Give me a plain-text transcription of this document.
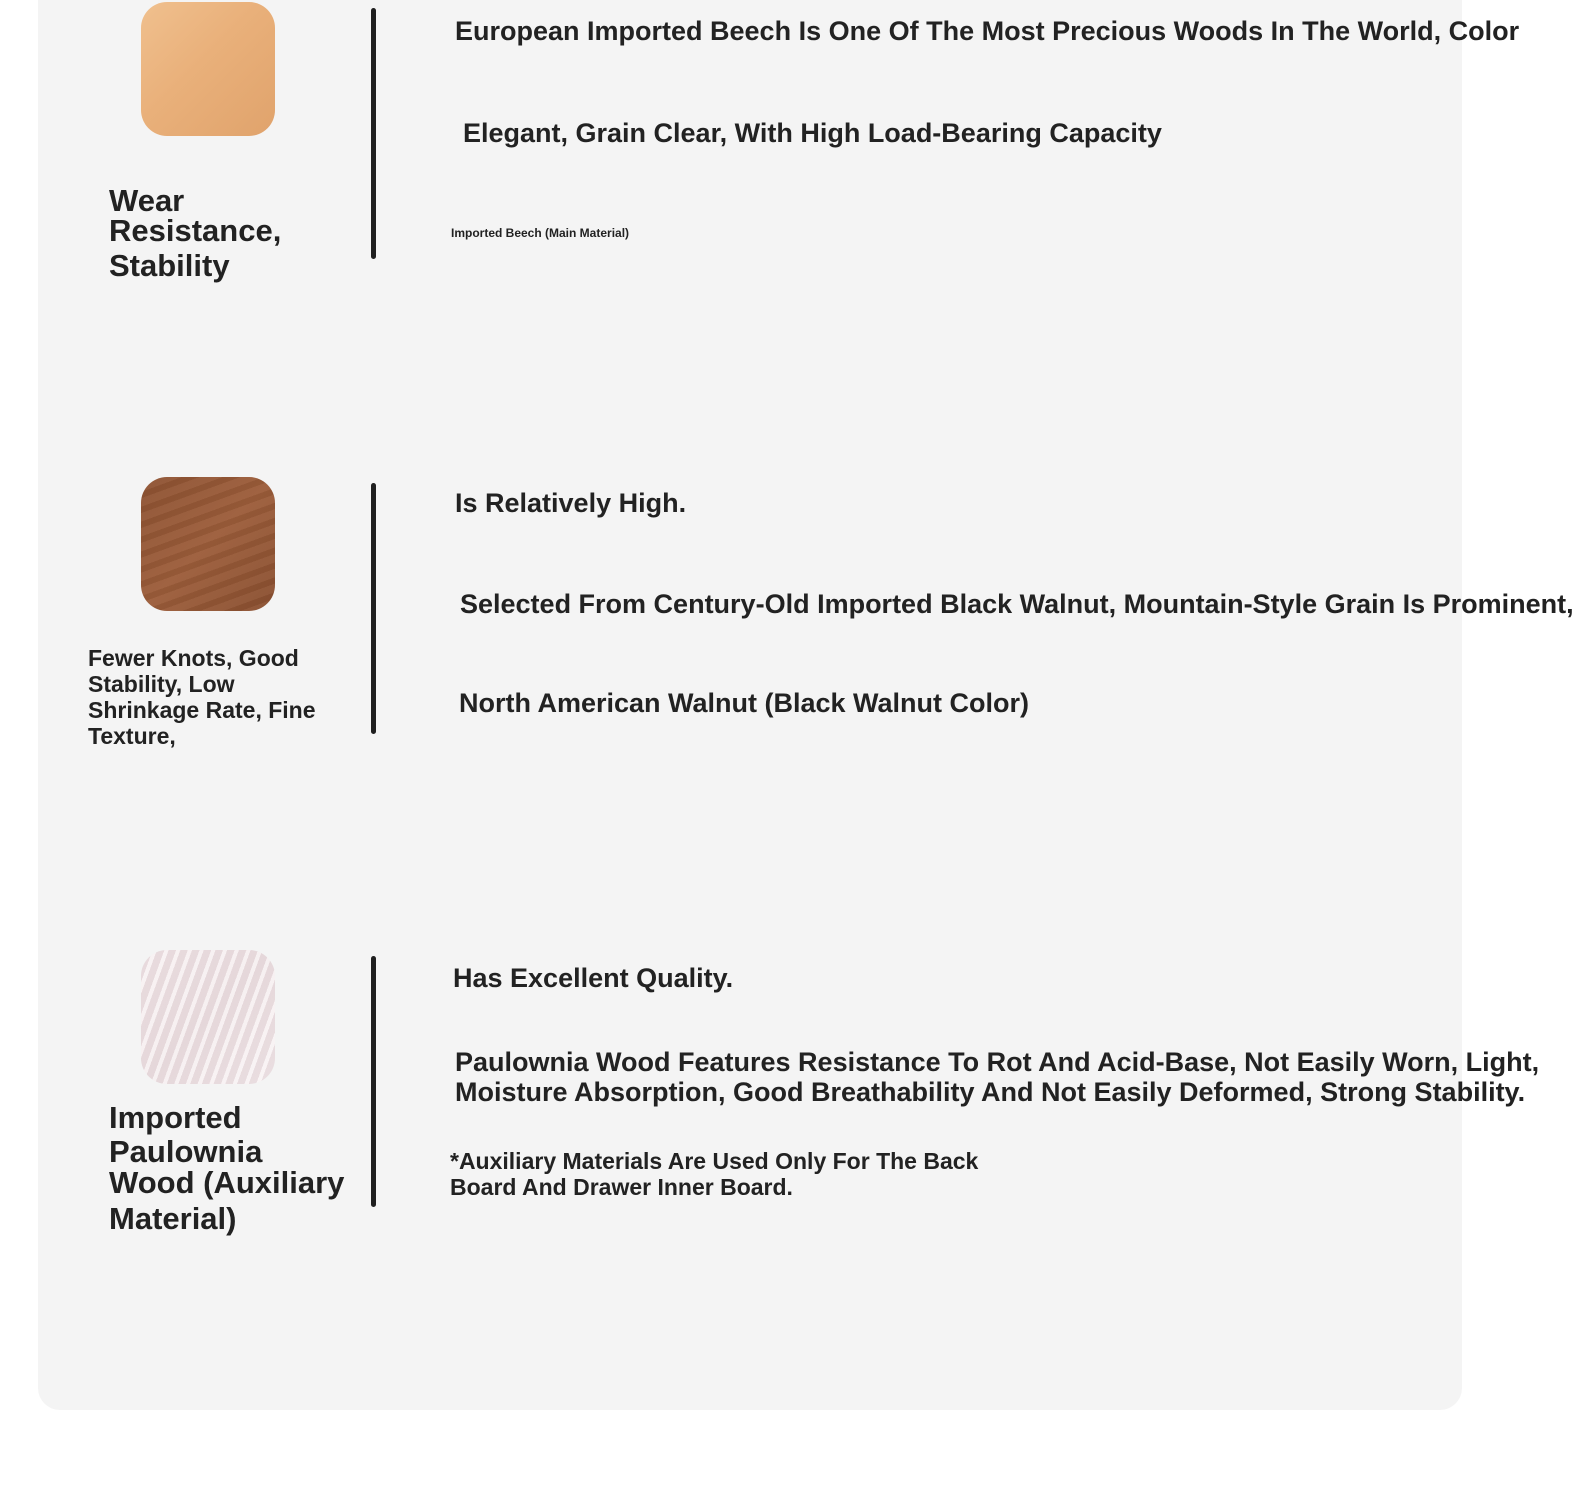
Wear
Resistance,
Stability
European Imported Beech Is One Of The Most Precious Woods In The World, Color
Elegant, Grain Clear, With High Load-Bearing Capacity
Imported Beech (Main Material)
Fewer Knots, Good
Stability, Low
Shrinkage Rate, Fine
Texture,
Is Relatively High.
Selected From Century-Old Imported Black Walnut, Mountain-Style Grain Is Prominent,
North American Walnut (Black Walnut Color)
Imported
Paulownia
Wood (Auxiliary
Material)
Has Excellent Quality.
Paulownia Wood Features Resistance To Rot And Acid-Base, Not Easily Worn, Light,
Moisture Absorption, Good Breathability And Not Easily Deformed, Strong Stability.
*Auxiliary Materials Are Used Only For The Back
Board And Drawer Inner Board.
